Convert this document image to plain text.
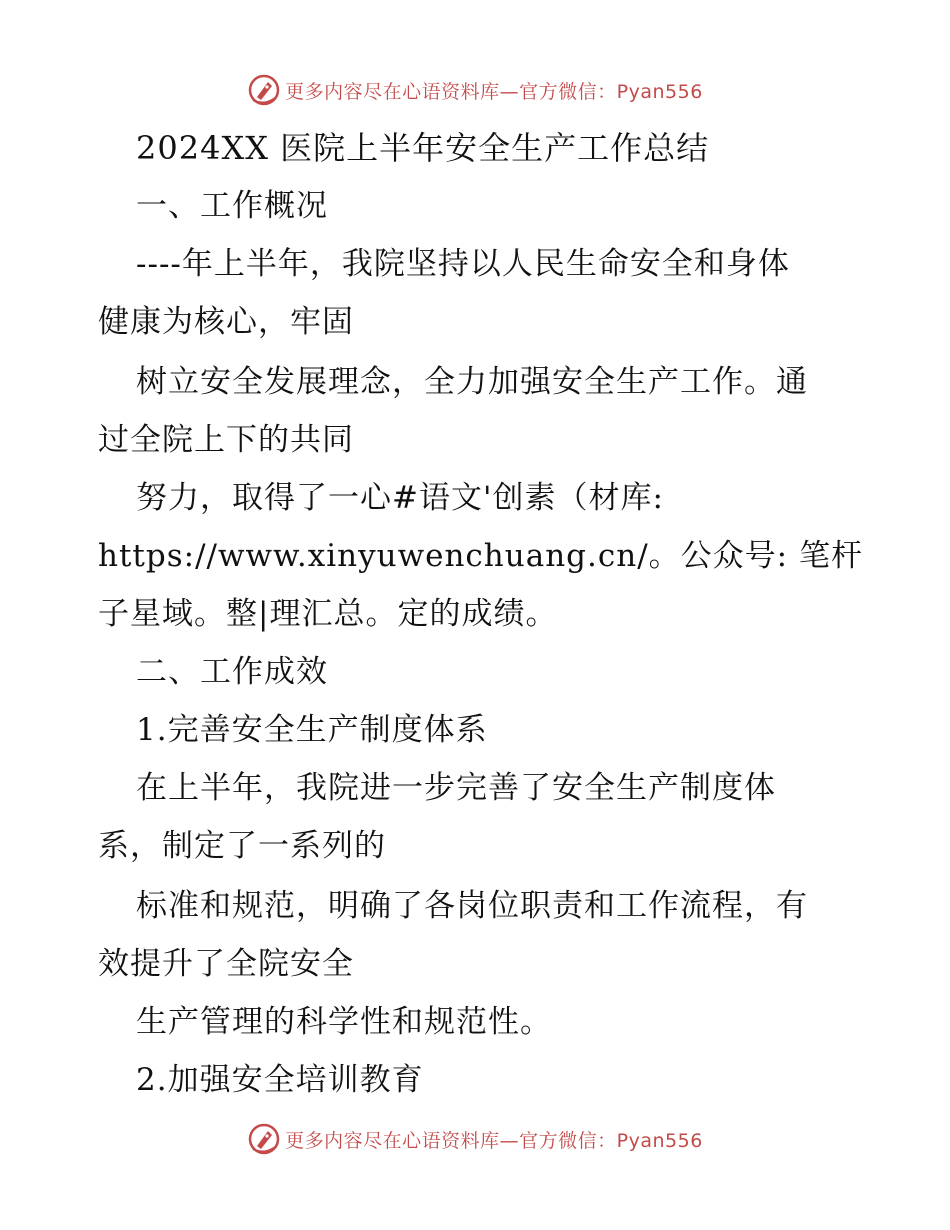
更多内容尽在心语资料库—官方微信：Pyan556
2024XX 医院上半年安全生产工作总结
一、工作概况
----年上半年，我院坚持以人民生命安全和身体
健康为核心，牢固
树立安全发展理念，全力加强安全生产工作。通
过全院上下的共同
努力，取得了一心#语文'创素（材库:
https://www.xinyuwenchuang.cn/。公众号: 笔杆
子星域。整|理汇总。定的成绩。
二、工作成效
1.完善安全生产制度体系
在上半年，我院进一步完善了安全生产制度体
系，制定了一系列的
标准和规范，明确了各岗位职责和工作流程，有
效提升了全院安全
生产管理的科学性和规范性。
2.加强安全培训教育
更多内容尽在心语资料库—官方微信：Pyan556
